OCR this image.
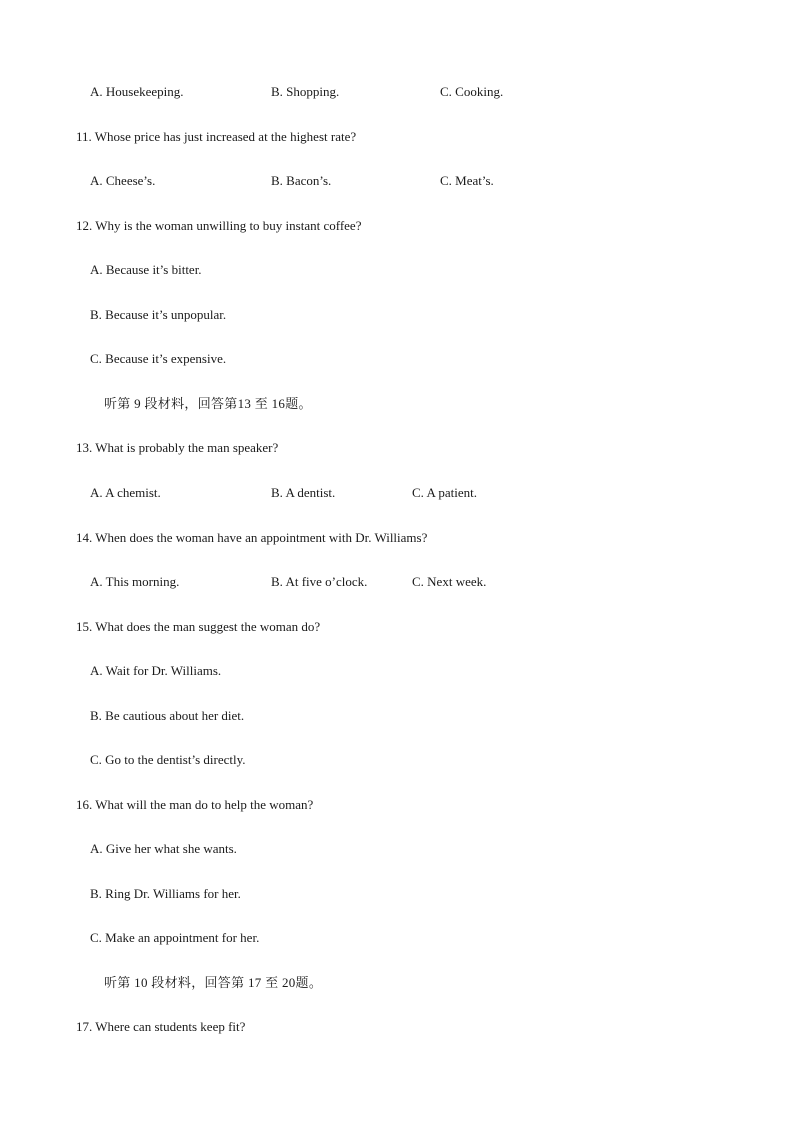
A. Housekeeping.	B. Shopping.	C. Cooking.
11. Whose price has just increased at the highest rate?
A. Cheese’s.	B. Bacon’s.	C. Meat’s.
12. Why is the woman unwilling to buy instant coffee?
A. Because it’s bitter.
B. Because it’s unpopular.
C. Because it’s expensive.
听第 9 段材料，回答第13 至 16题。
13. What is probably the man speaker?
A. A chemist.	B. A dentist.	C. A patient.
14. When does the woman have an appointment with Dr. Williams?
A. This morning.	B. At five o’clock.	C. Next week.
15. What does the man suggest the woman do?
A. Wait for Dr. Williams.
B. Be cautious about her diet.
C. Go to the dentist’s directly.
16. What will the man do to help the woman?
A. Give her what she wants.
B. Ring Dr. Williams for her.
C. Make an appointment for her.
听第 10 段材料，回答第 17 至 20题。
17. Where can students keep fit?
